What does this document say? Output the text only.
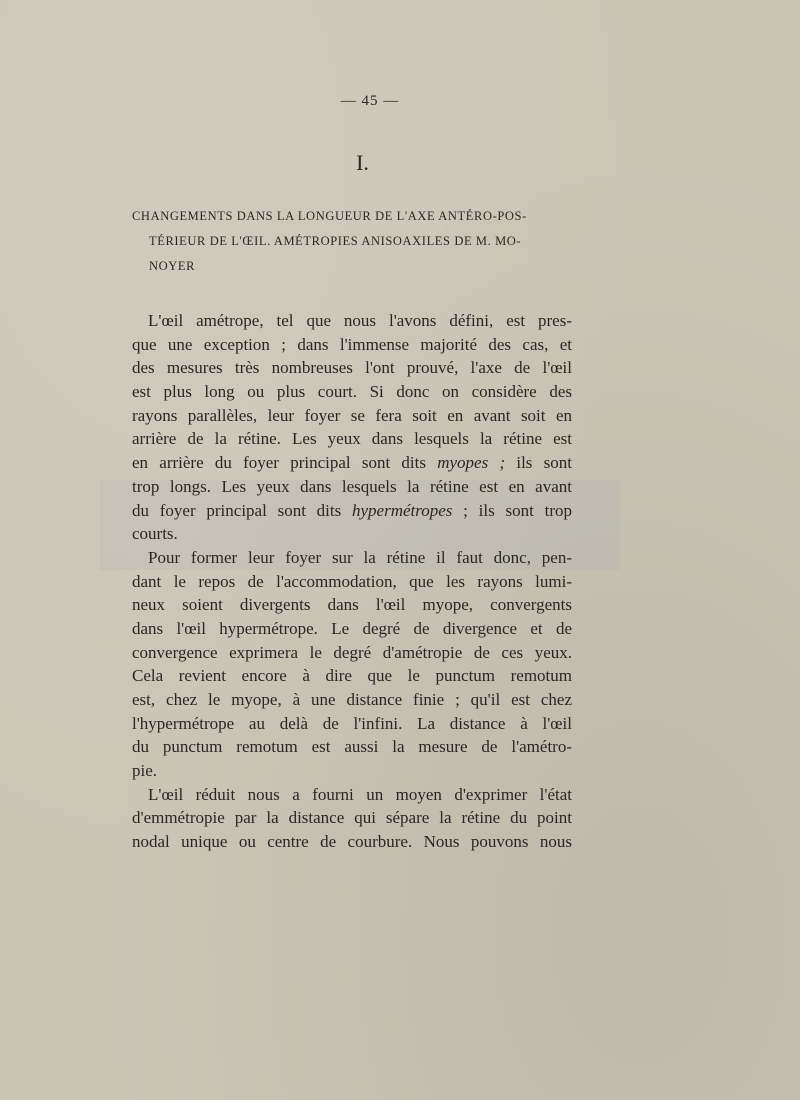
— 45 —
I.
CHANGEMENTS DANS LA LONGUEUR DE L'AXE ANTÉRO-POS-
TÉRIEUR DE L'ŒIL. AMÉTROPIES ANISOAXILES DE M. MO-
NOYER
L'œil amétrope, tel que nous l'avons défini, est pres-
que une exception ; dans l'immense majorité des cas, et
des mesures très nombreuses l'ont prouvé, l'axe de l'œil
est plus long ou plus court. Si donc on considère des
rayons parallèles, leur foyer se fera soit en avant soit en
arrière de la rétine. Les yeux dans lesquels la rétine est
en arrière du foyer principal sont dits myopes ; ils sont
trop longs. Les yeux dans lesquels la rétine est en avant
du foyer principal sont dits hypermétropes ; ils sont trop
courts.
Pour former leur foyer sur la rétine il faut donc, pen-
dant le repos de l'accommodation, que les rayons lumi-
neux soient divergents dans l'œil myope, convergents
dans l'œil hypermétrope. Le degré de divergence et de
convergence exprimera le degré d'amétropie de ces yeux.
Cela revient encore à dire que le punctum remotum
est, chez le myope, à une distance finie ; qu'il est chez
l'hypermétrope au delà de l'infini. La distance à l'œil
du punctum remotum est aussi la mesure de l'amétro-
pie.
L'œil réduit nous a fourni un moyen d'exprimer l'état
d'emmétropie par la distance qui sépare la rétine du point
nodal unique ou centre de courbure. Nous pouvons nous
